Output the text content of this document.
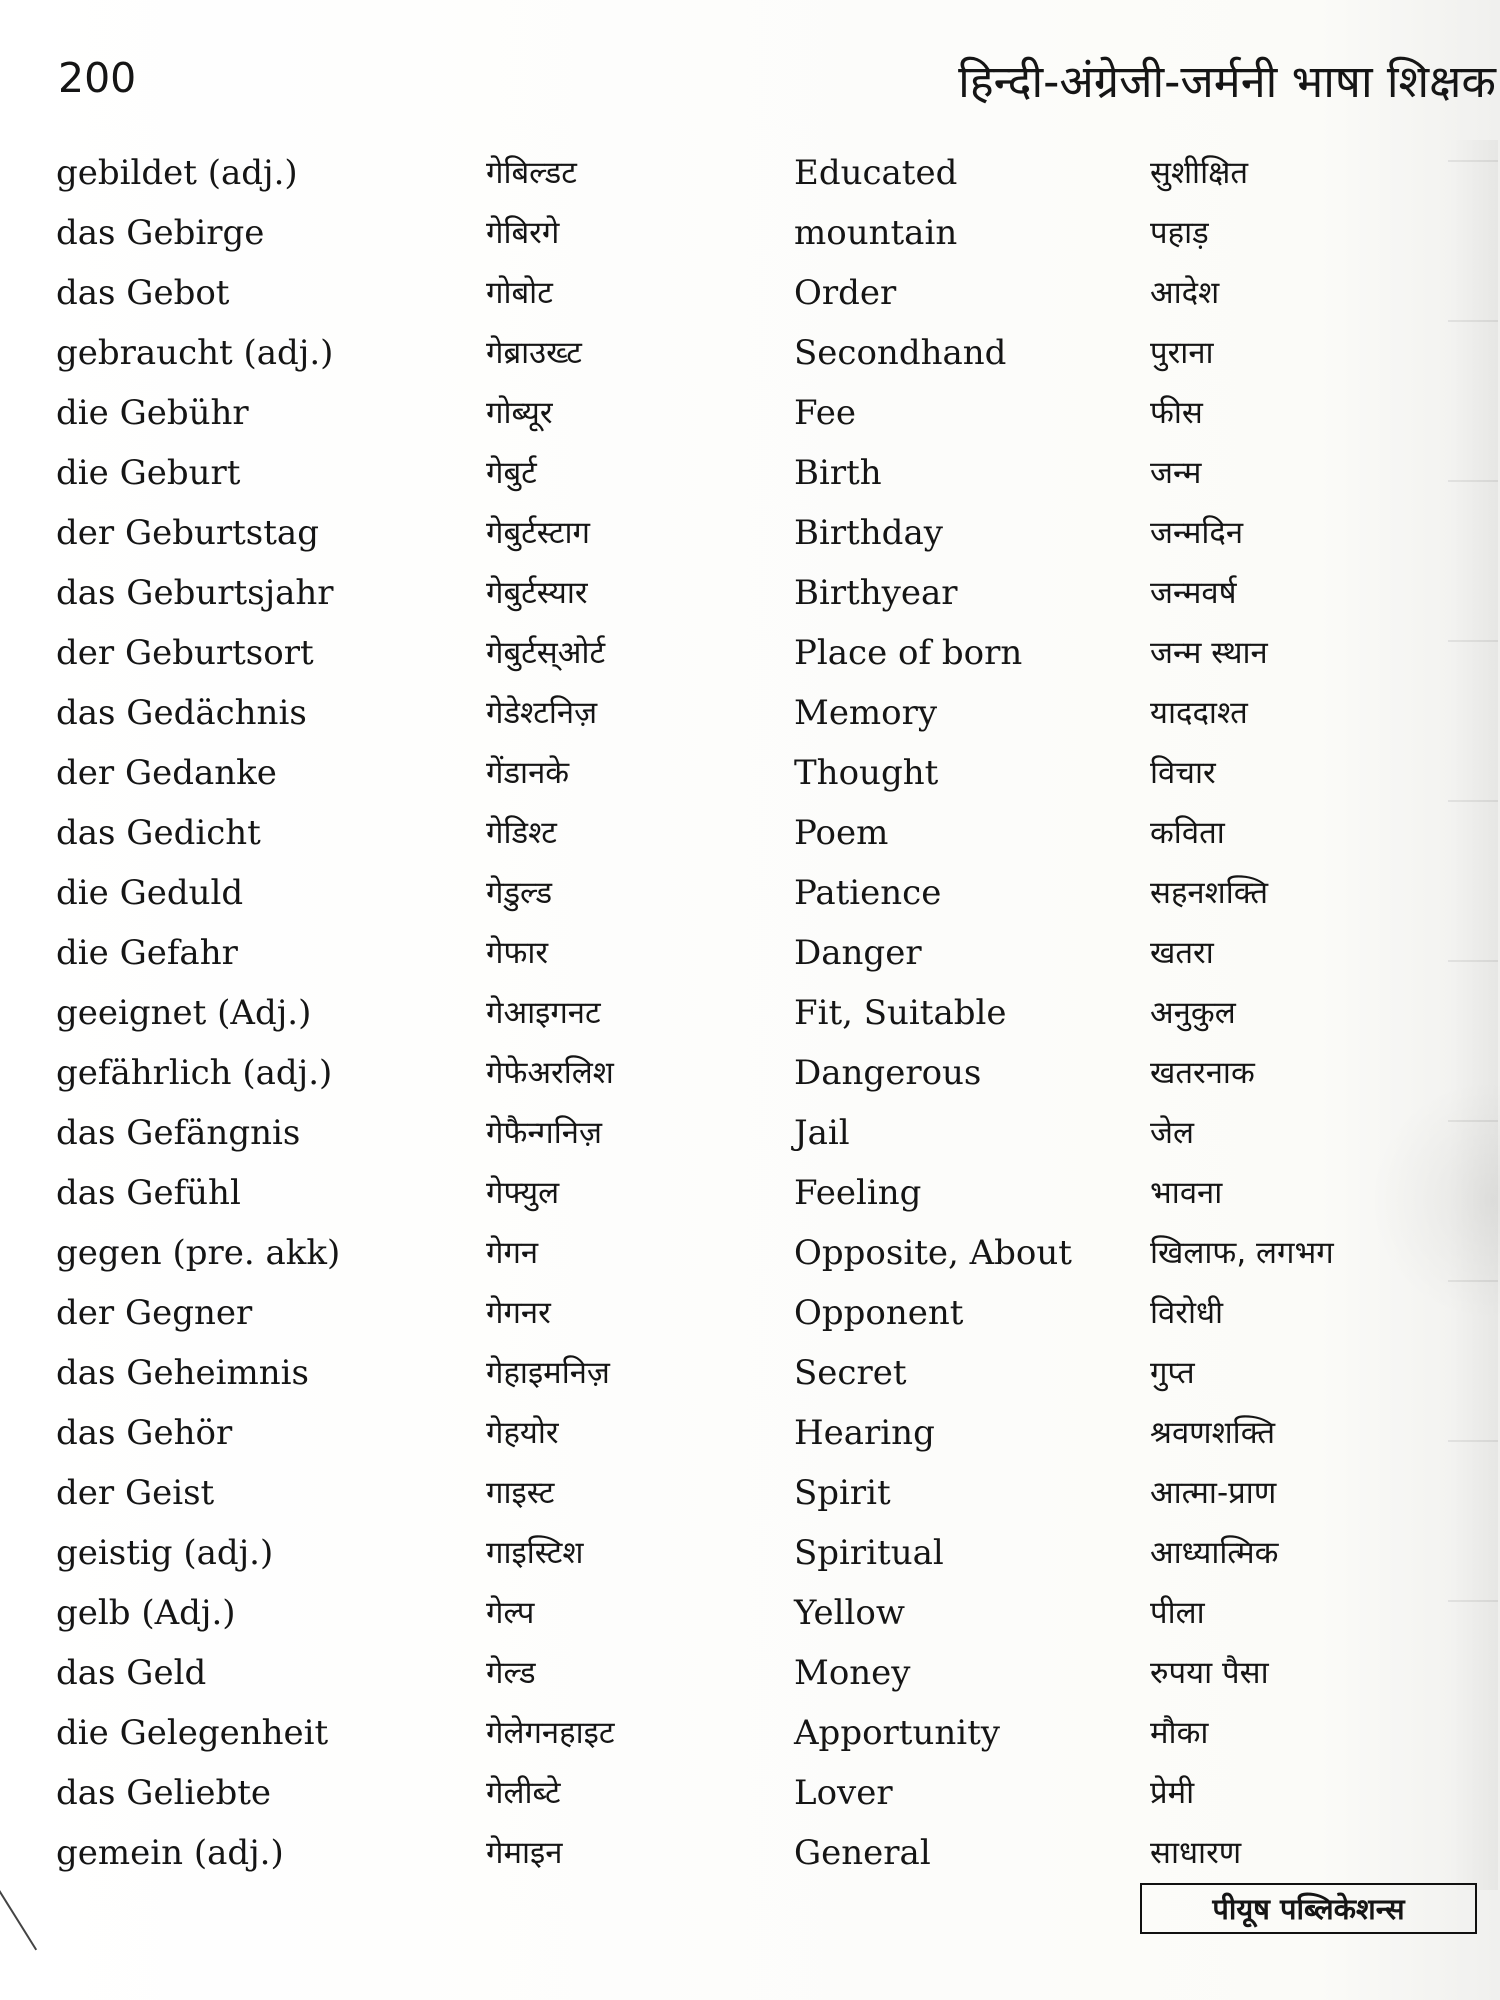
200	हिन्दी-अंग्रेजी-जर्मनी भाषा शिक्षक
gebildet (adj.)	गेबिल्डट	Educated	सुशीक्षित
das Gebirge	गेबिरगे	mountain	पहाड़
das Gebot	गोबोट	Order	आदेश
gebraucht (adj.)	गेब्राउख्ट	Secondhand	पुराना
die Gebühr	गोब्यूर	Fee	फीस
die Geburt	गेबुर्ट	Birth	जन्म
der Geburtstag	गेबुर्टस्टाग	Birthday	जन्मदिन
das Geburtsjahr	गेबुर्टस्यार	Birthyear	जन्मवर्ष
der Geburtsort	गेबुर्टस्ओर्ट	Place of born	जन्म स्थान
das Gedächnis	गेडेश्टनिज़	Memory	याददाश्त
der Gedanke	गेंडानके	Thought	विचार
das Gedicht	गेडिश्ट	Poem	कविता
die Geduld	गेडुल्ड	Patience	सहनशक्ति
die Gefahr	गेफार	Danger	खतरा
geeignet (Adj.)	गेआइगनट	Fit, Suitable	अनुकुल
gefährlich (adj.)	गेफेअरलिश	Dangerous	खतरनाक
das Gefängnis	गेफैन्गनिज़	Jail	जेल
das Gefühl	गेफ्युल	Feeling	भावना
gegen (pre. akk)	गेगन	Opposite, About	खिलाफ, लगभग
der Gegner	गेगनर	Opponent	विरोधी
das Geheimnis	गेहाइमनिज़	Secret	गुप्त
das Gehör	गेहयोर	Hearing	श्रवणशक्ति
der Geist	गाइस्ट	Spirit	आत्मा-प्राण
geistig (adj.)	गाइस्टिश	Spiritual	आध्यात्मिक
gelb (Adj.)	गेल्प	Yellow	पीला
das Geld	गेल्ड	Money	रुपया पैसा
die Gelegenheit	गेलेगनहाइट	Apportunity	मौका
das Geliebte	गेलीब्टे	Lover	प्रेमी
gemein (adj.)	गेमाइन	General	साधारण
पीयूष पब्लिकेशन्स
